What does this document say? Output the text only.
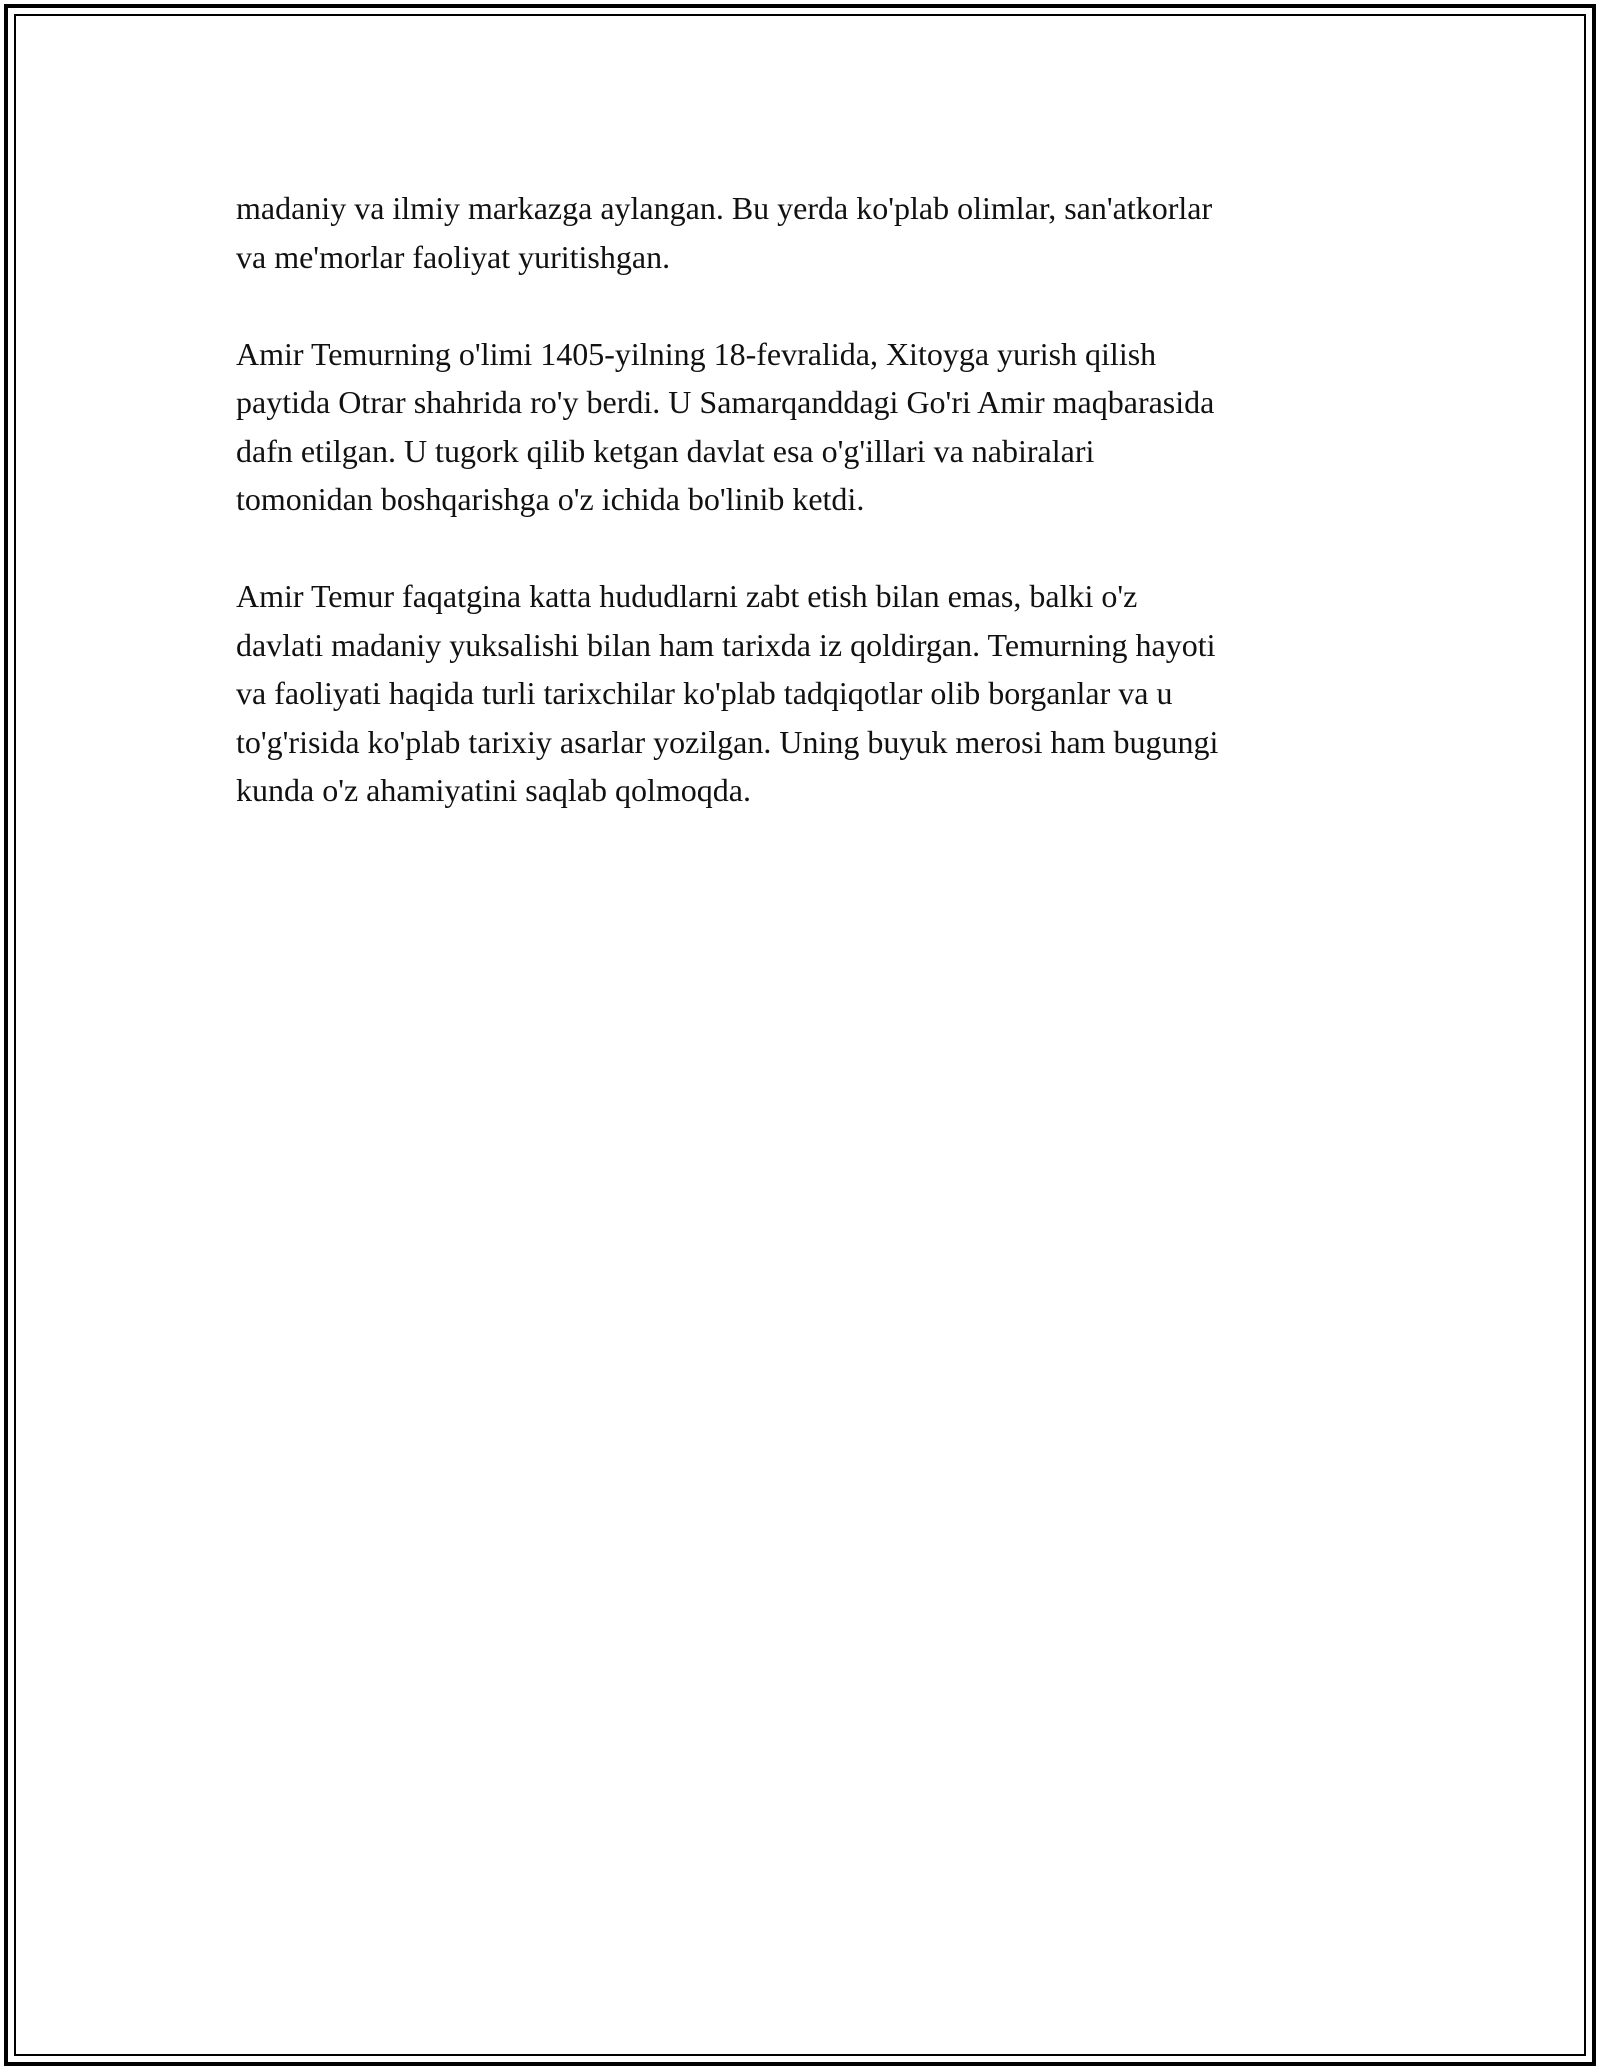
madaniy va ilmiy markazga aylangan. Bu yerda ko'plab olimlar, san'atkorlar
va me'morlar faoliyat yuritishgan.

Amir Temurning o'limi 1405-yilning 18-fevralida, Xitoyga yurish qilish
paytida Otrar shahrida ro'y berdi. U Samarqanddagi Go'ri Amir maqbarasida
dafn etilgan. U tugork qilib ketgan davlat esa o'g'illari va nabiralari
tomonidan boshqarishga o'z ichida bo'linib ketdi.

Amir Temur faqatgina katta hududlarni zabt etish bilan emas, balki o'z
davlati madaniy yuksalishi bilan ham tarixda iz qoldirgan. Temurning hayoti
va faoliyati haqida turli tarixchilar ko'plab tadqiqotlar olib borganlar va u
to'g'risida ko'plab tarixiy asarlar yozilgan. Uning buyuk merosi ham bugungi
kunda o'z ahamiyatini saqlab qolmoqda.
